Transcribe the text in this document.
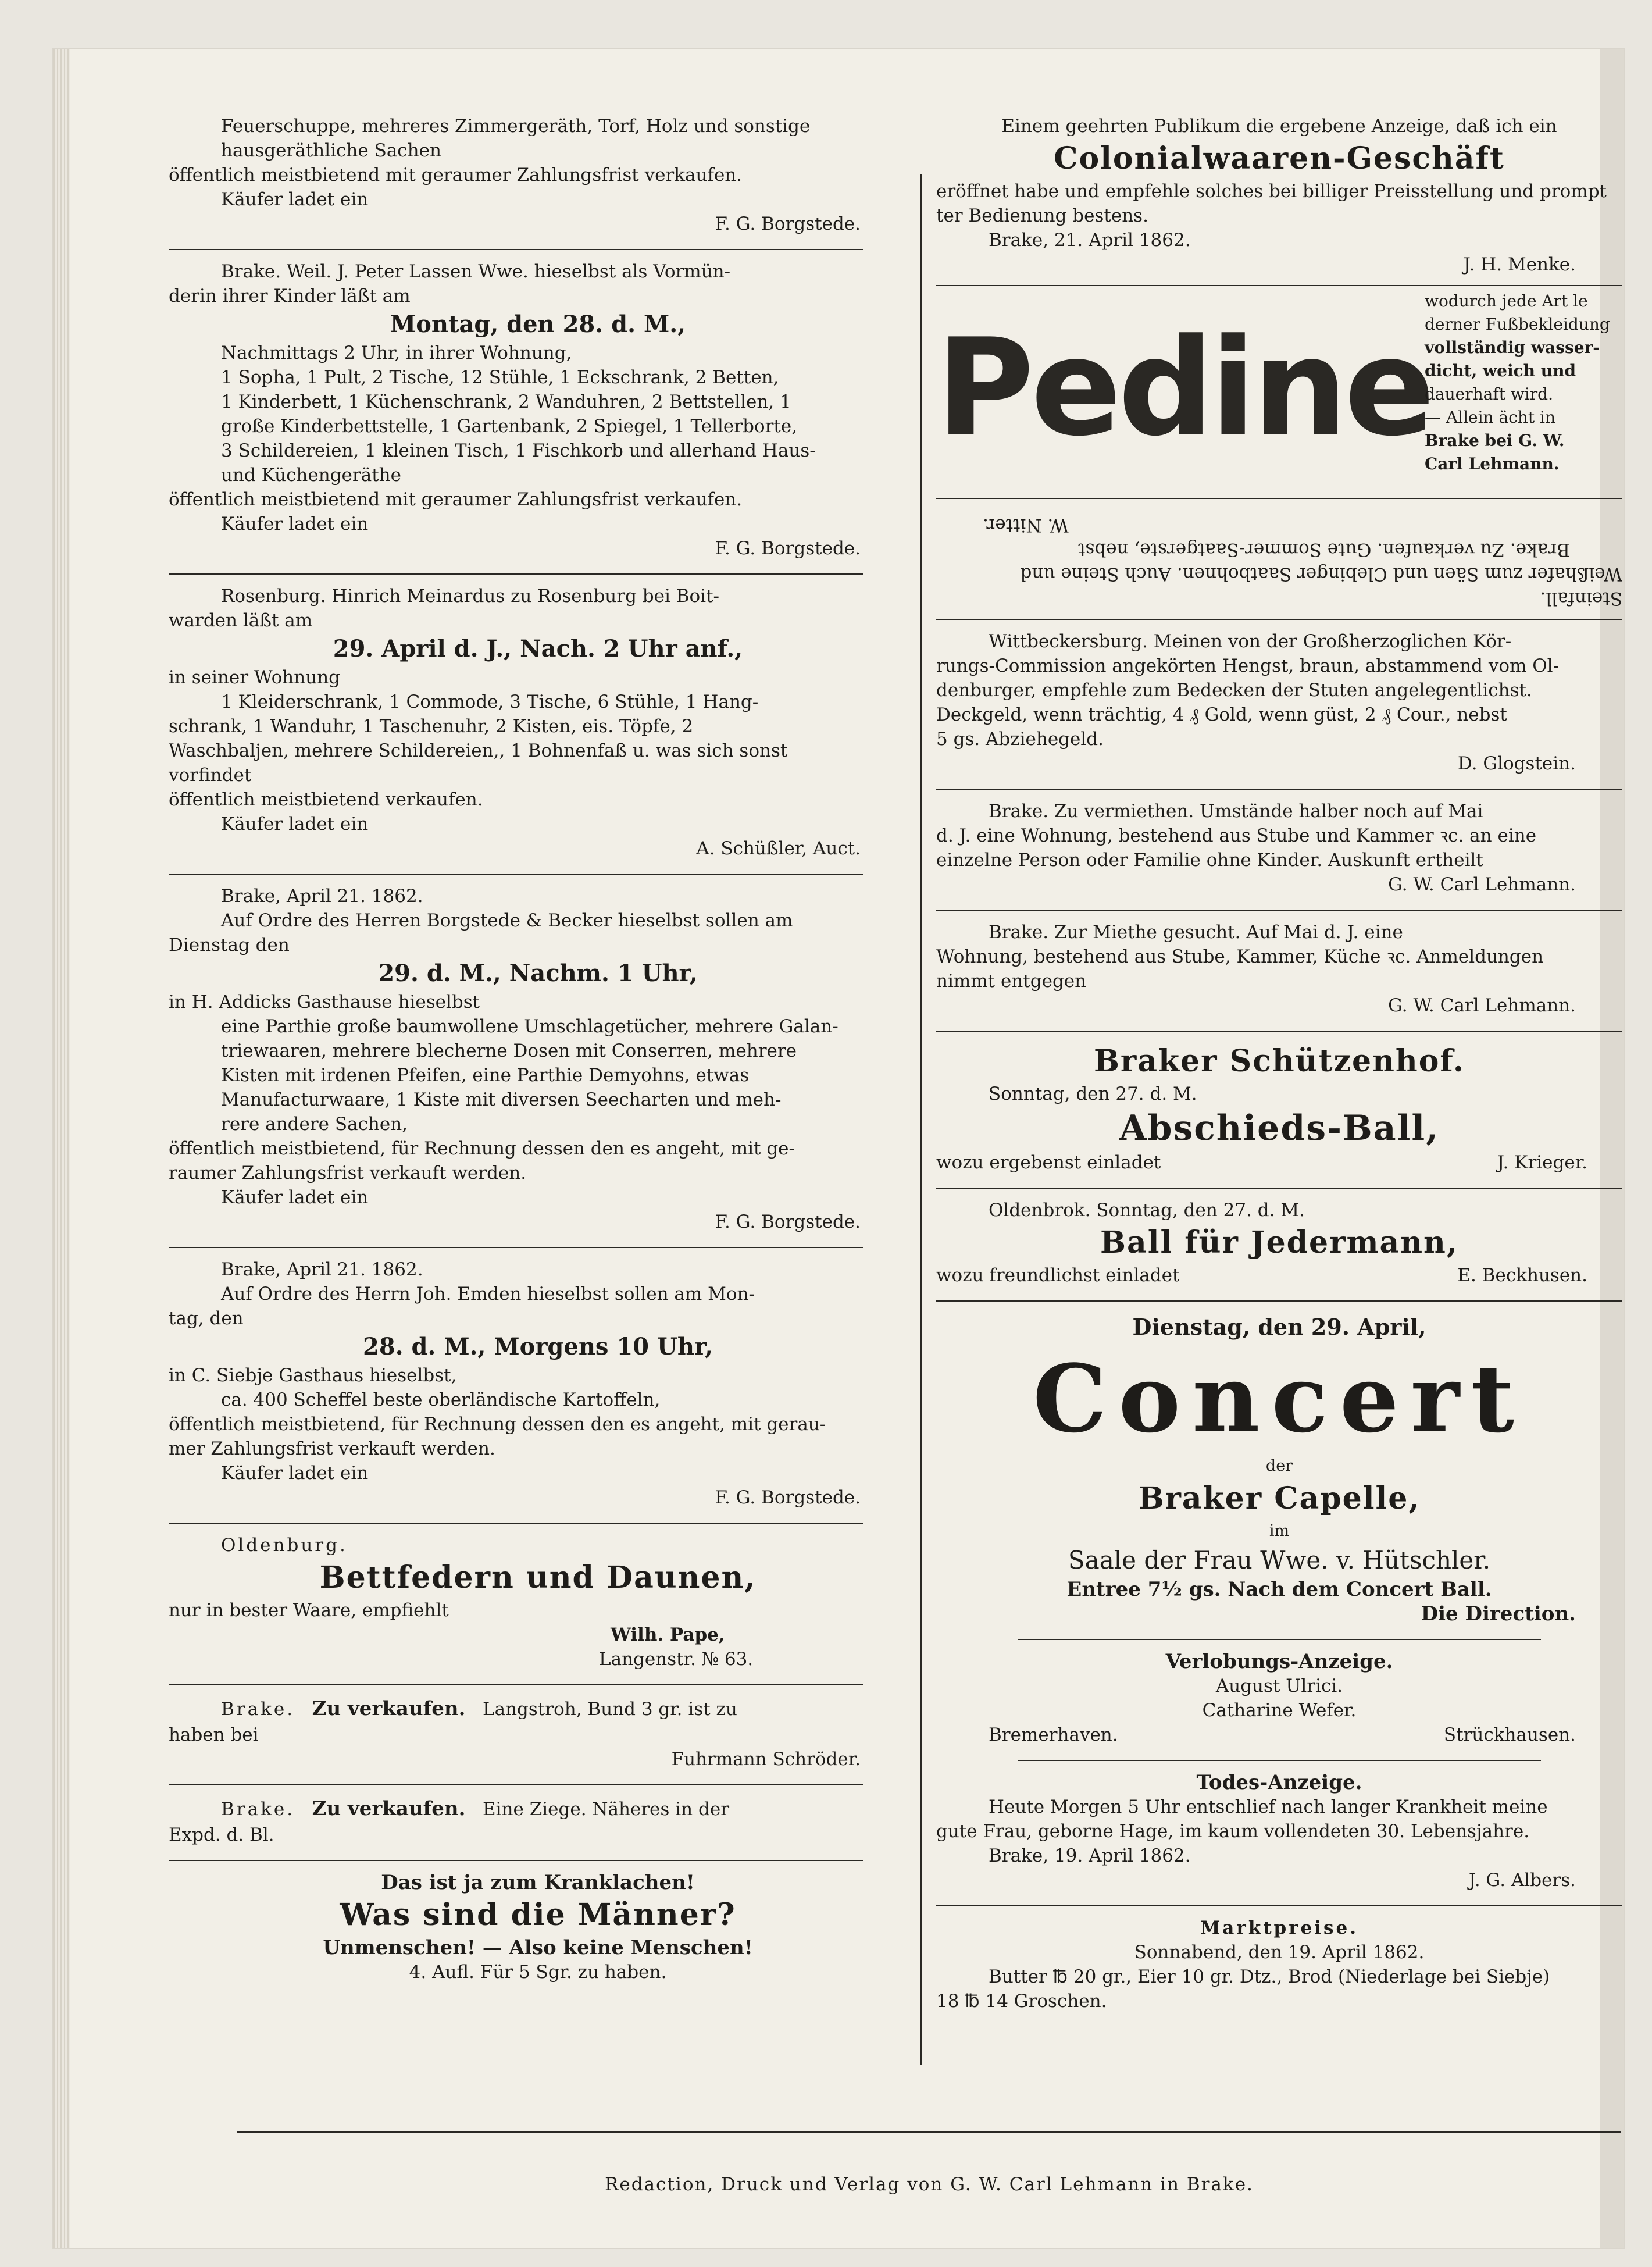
Feuerschuppe, mehreres Zimmergeräth, Torf, Holz und sonstige

hausgeräthliche Sachen

öffentlich meistbietend mit geraumer Zahlungsfrist verkaufen.

Käufer ladet ein

F. G. Borgstede.

Brake. Weil. J. Peter Lassen Wwe. hieselbst als Vormün-

derin ihrer Kinder läßt am

Montag, den 28. d. M.,

Nachmittags 2 Uhr, in ihrer Wohnung,

1 Sopha, 1 Pult, 2 Tische, 12 Stühle, 1 Eckschrank, 2 Betten,

1 Kinderbett, 1 Küchenschrank, 2 Wanduhren, 2 Bettstellen, 1

große Kinderbettstelle, 1 Gartenbank, 2 Spiegel, 1 Tellerborte,

3 Schildereien, 1 kleinen Tisch, 1 Fischkorb und allerhand Haus-

und Küchengeräthe

öffentlich meistbietend mit geraumer Zahlungsfrist verkaufen.

Käufer ladet ein

F. G. Borgstede.

Rosenburg. Hinrich Meinardus zu Rosenburg bei Boit-

warden läßt am

29. April d. J., Nach. 2 Uhr anf.,

in seiner Wohnung

1 Kleiderschrank, 1 Commode, 3 Tische, 6 Stühle, 1 Hang-

schrank, 1 Wanduhr, 1 Taschenuhr, 2 Kisten, eis. Töpfe, 2

Waschbaljen, mehrere Schildereien,, 1 Bohnenfaß u. was sich sonst

vorfindet

öffentlich meistbietend verkaufen.

Käufer ladet ein

A. Schüßler, Auct.

Brake, April 21. 1862.

Auf Ordre des Herren Borgstede & Becker hieselbst sollen am

Dienstag den

29. d. M., Nachm. 1 Uhr,

in H. Addicks Gasthause hieselbst

eine Parthie große baumwollene Umschlagetücher, mehrere Galan-

triewaaren, mehrere blecherne Dosen mit Conserren, mehrere

Kisten mit irdenen Pfeifen, eine Parthie Demyohns, etwas

Manufacturwaare, 1 Kiste mit diversen Seecharten und meh-

rere andere Sachen,

öffentlich meistbietend, für Rechnung dessen den es angeht, mit ge-

raumer Zahlungsfrist verkauft werden.

Käufer ladet ein

F. G. Borgstede.

Brake, April 21. 1862.

Auf Ordre des Herrn Joh. Emden hieselbst sollen am Mon-

tag, den

28. d. M., Morgens 10 Uhr,

in C. Siebje Gasthaus hieselbst,

ca. 400 Scheffel beste oberländische Kartoffeln,

öffentlich meistbietend, für Rechnung dessen den es angeht, mit gerau-

mer Zahlungsfrist verkauft werden.

Käufer ladet ein

F. G. Borgstede.

Oldenburg.

Bettfedern und Daunen,

nur in bester Waare, empfiehlt

Wilh. Pape,

Langenstr. № 63.

Brake. Zu verkaufen. Langstroh, Bund 3 gr. ist zu

haben bei

Fuhrmann Schröder.

Brake. Zu verkaufen. Eine Ziege. Näheres in der

Expd. d. Bl.

Das ist ja zum Kranklachen!

Was sind die Männer?

Unmenschen! — Also keine Menschen!

4. Aufl. Für 5 Sgr. zu haben.

Einem geehrten Publikum die ergebene Anzeige, daß ich ein

Colonialwaaren-Geschäft

eröffnet habe und empfehle solches bei billiger Preisstellung und prompt

ter Bedienung bestens.

Brake, 21. April 1862.

J. H. Menke.

Pedine

wodurch jede Art le

derner Fußbekleidung

vollständig wasser-

dicht, weich und

dauerhaft wird.

— Allein ächt in

Brake bei G. W.

Carl Lehmann.

Steinfall.

Weißhafer zum Säen und Clebinger Saatbohnen. Auch Steine und

Brake. Zu verkaufen. Gute Sommer-Saatgerste, nebst

W. Nitter.

Wittbeckersburg. Meinen von der Großherzoglichen Kör-

rungs-Commission angekörten Hengst, braun, abstammend vom Ol-

denburger, empfehle zum Bedecken der Stuten angelegentlichst.

Deckgeld, wenn trächtig, 4 ₰ Gold, wenn güst, 2 ₰ Cour., nebst

5 gs. Abziehegeld.

D. Glogstein.

Brake. Zu vermiethen. Umstände halber noch auf Mai

d. J. eine Wohnung, bestehend aus Stube und Kammer ꝛc. an eine

einzelne Person oder Familie ohne Kinder. Auskunft ertheilt

G. W. Carl Lehmann.

Brake. Zur Miethe gesucht. Auf Mai d. J. eine

Wohnung, bestehend aus Stube, Kammer, Küche ꝛc. Anmeldungen

nimmt entgegen

G. W. Carl Lehmann.

Braker Schützenhof.

Sonntag, den 27. d. M.

Abschieds-Ball,

wozu ergebenst einladet	J. Krieger.

Oldenbrok. Sonntag, den 27. d. M.

Ball für Jedermann,

wozu freundlichst einladet	E. Beckhusen.

Dienstag, den 29. April,

Concert

der

Braker Capelle,

im

Saale der Frau Wwe. v. Hütschler.

Entree 7½ gs. Nach dem Concert Ball.

Die Direction.

Verlobungs-Anzeige.

August Ulrici.

Catharine Wefer.

Bremerhaven.	Strückhausen.

Todes-Anzeige.

Heute Morgen 5 Uhr entschlief nach langer Krankheit meine

gute Frau, geborne Hage, im kaum vollendeten 30. Lebensjahre.

Brake, 19. April 1862.

J. G. Albers.

Marktpreise.

Sonnabend, den 19. April 1862.

Butter ℔ 20 gr., Eier 10 gr. Dtz., Brod (Niederlage bei Siebje)

18 ℔ 14 Groschen.

Redaction, Druck und Verlag von G. W. Carl Lehmann in Brake.
